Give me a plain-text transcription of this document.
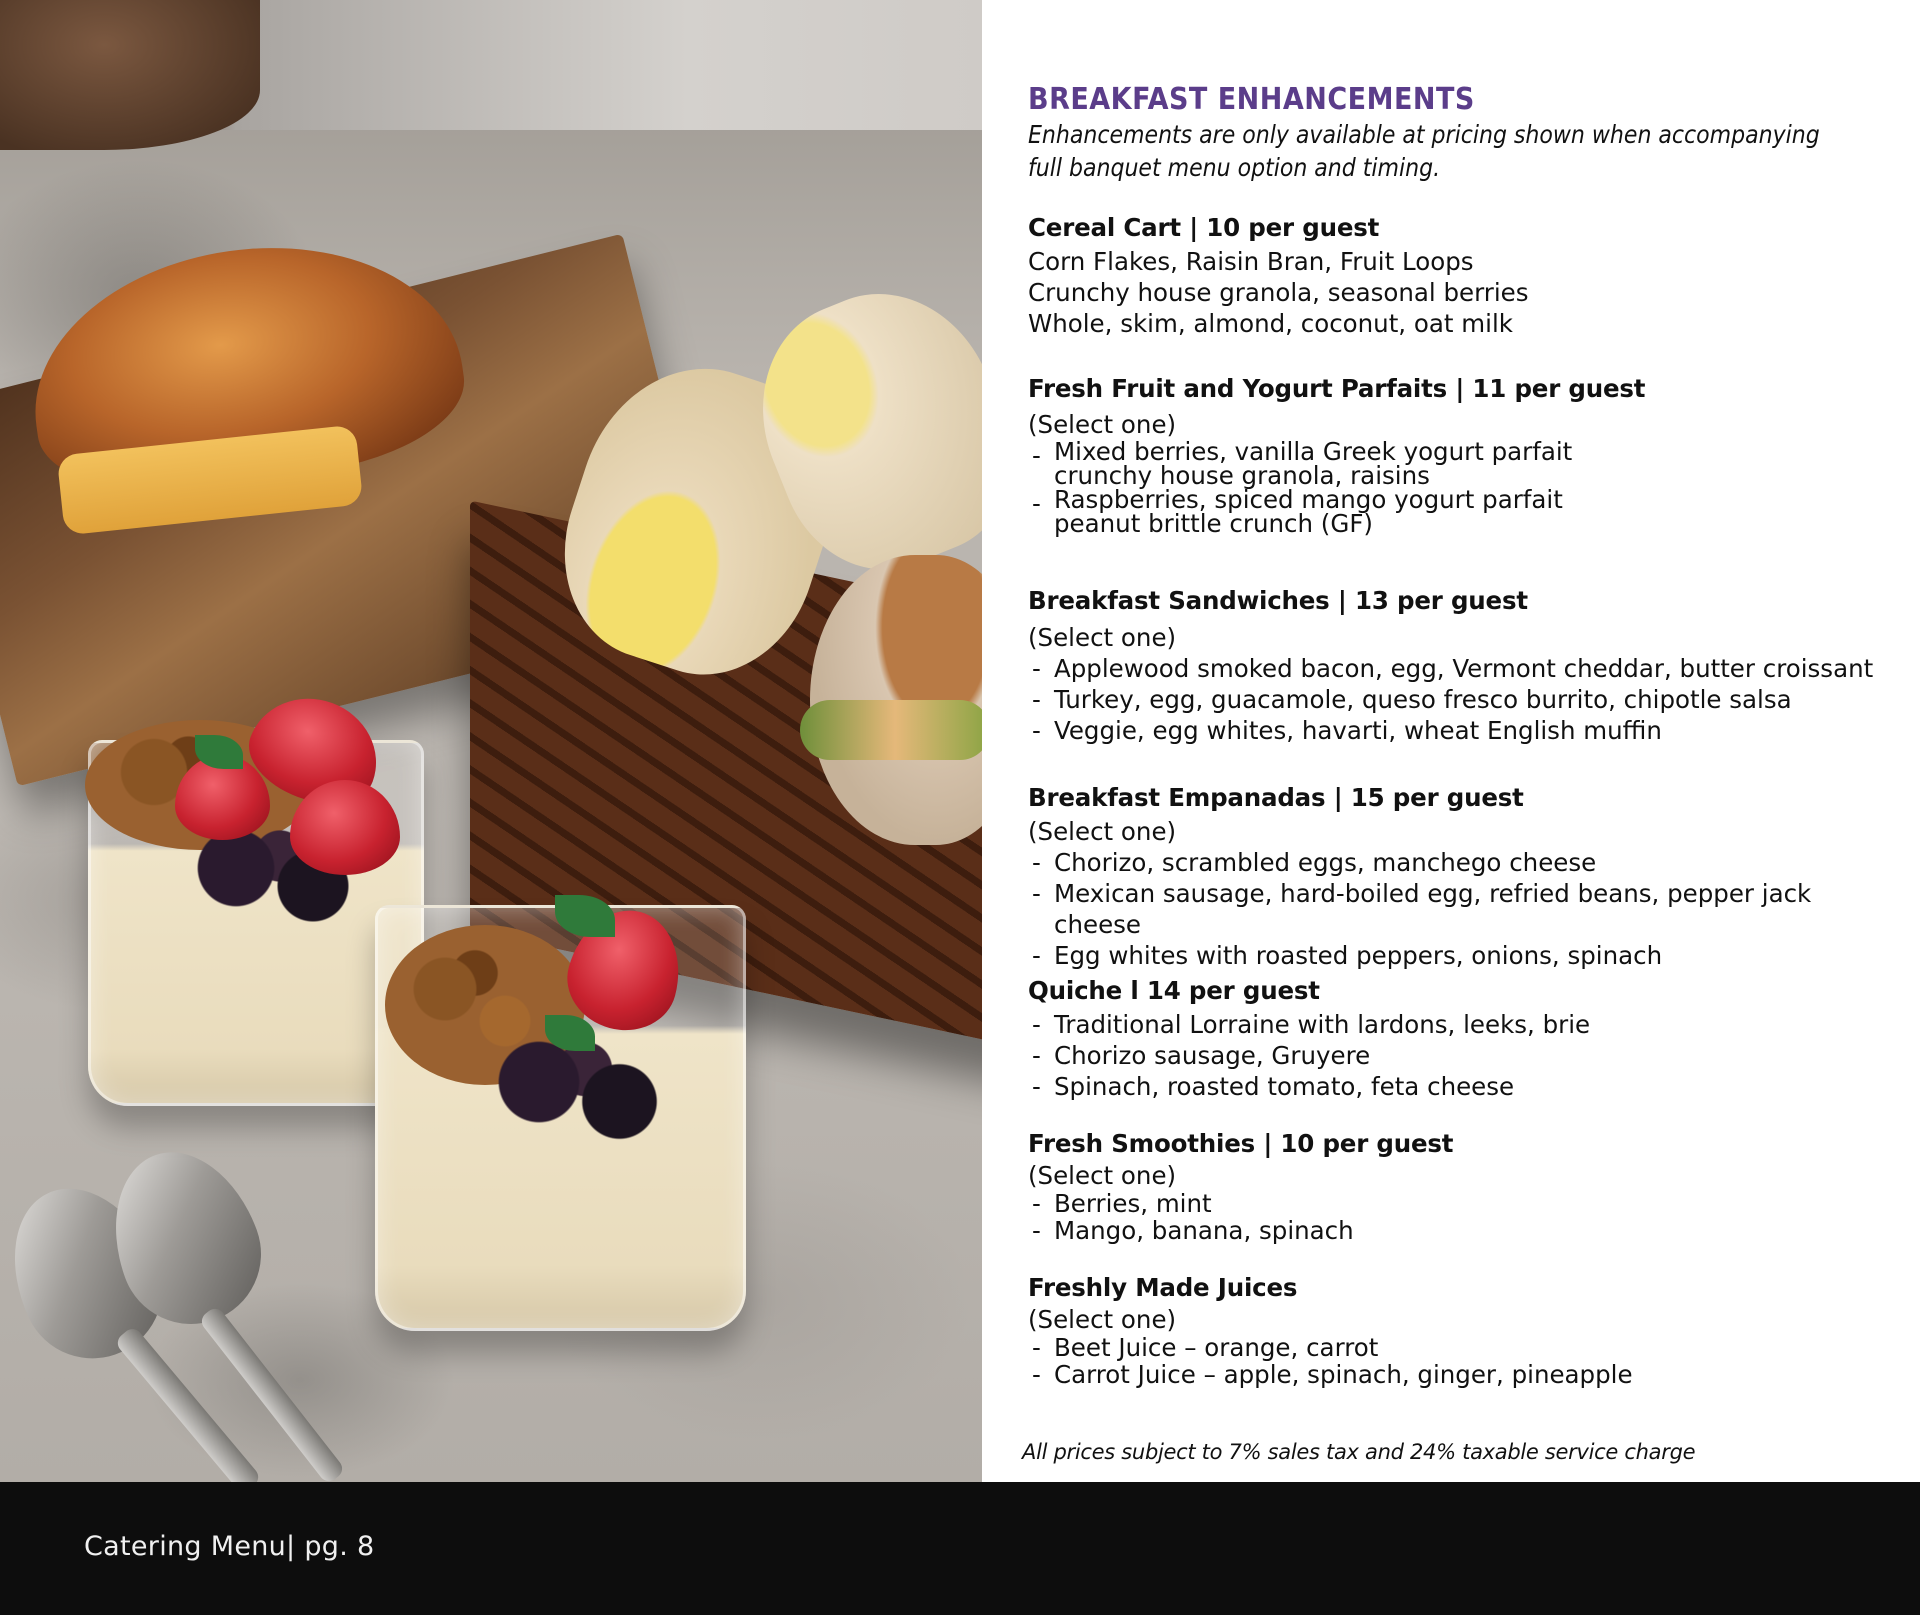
BREAKFAST ENHANCEMENTS

Enhancements are only available at pricing shown when accompanying full banquet menu option and timing.

Cereal Cart | 10 per guest

Corn Flakes, Raisin Bran, Fruit Loops

Crunchy house granola, seasonal berries

Whole, skim, almond, coconut, oat milk

Fresh Fruit and Yogurt Parfaits | 11 per guest

(Select one)

- Mixed berries, vanilla Greek yogurt parfait
crunchy house granola, raisins
- Raspberries, spiced mango yogurt parfait
peanut brittle crunch (GF)

Breakfast Sandwiches | 13 per guest

(Select one)

- Applewood smoked bacon, egg, Vermont cheddar, butter croissant
- Turkey, egg, guacamole, queso fresco burrito, chipotle salsa
- Veggie, egg whites, havarti, wheat English muffin

Breakfast Empanadas | 15 per guest

(Select one)

- Chorizo, scrambled eggs, manchego cheese
- Mexican sausage, hard-boiled egg, refried beans, pepper jack cheese
- Egg whites with roasted peppers, onions, spinach

Quiche l 14 per guest

- Traditional Lorraine with lardons, leeks, brie
- Chorizo sausage, Gruyere
- Spinach, roasted tomato, feta cheese

Fresh Smoothies | 10 per guest

(Select one)

- Berries, mint
- Mango, banana, spinach

Freshly Made Juices

(Select one)

- Beet Juice – orange, carrot
- Carrot Juice – apple, spinach, ginger, pineapple
All prices subject to 7% sales tax and 24% taxable service charge
Catering Menu| pg. 8
